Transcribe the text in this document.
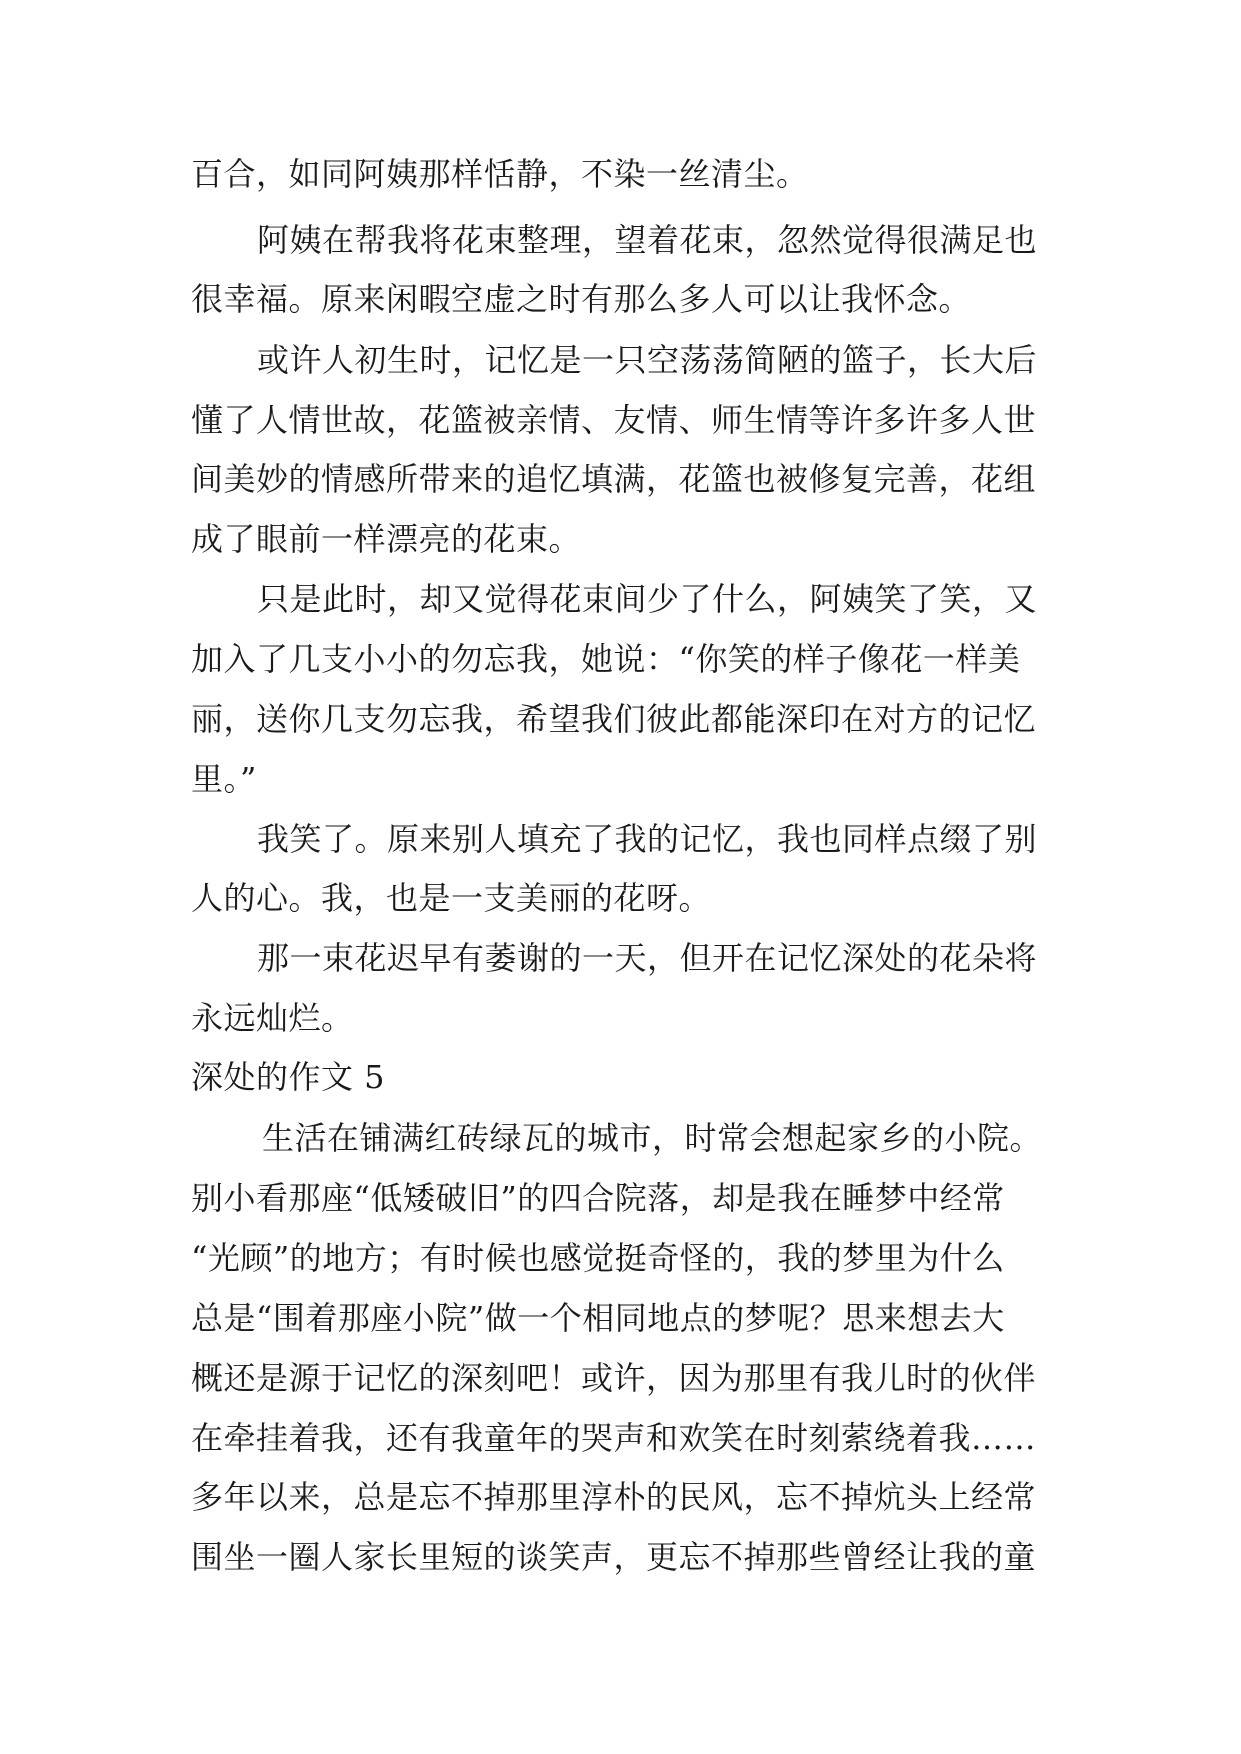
百合，如同阿姨那样恬静，不染一丝清尘。
阿姨在帮我将花束整理，望着花束，忽然觉得很满足也
很幸福。原来闲暇空虚之时有那么多人可以让我怀念。
或许人初生时，记忆是一只空荡荡简陋的篮子，长大后
懂了人情世故，花篮被亲情、友情、师生情等许多许多人世
间美妙的情感所带来的追忆填满，花篮也被修复完善，花组
成了眼前一样漂亮的花束。
只是此时，却又觉得花束间少了什么，阿姨笑了笑，又
加入了几支小小的勿忘我，她说：“你笑的样子像花一样美
丽，送你几支勿忘我，希望我们彼此都能深印在对方的记忆
里。”
我笑了。原来别人填充了我的记忆，我也同样点缀了别
人的心。我，也是一支美丽的花呀。
那一束花迟早有萎谢的一天，但开在记忆深处的花朵将
永远灿烂。
深处的作文 5
生活在铺满红砖绿瓦的城市，时常会想起家乡的小院。
别小看那座“低矮破旧”的四合院落，却是我在睡梦中经常
“光顾”的地方；有时候也感觉挺奇怪的，我的梦里为什么
总是“围着那座小院”做一个相同地点的梦呢？思来想去大
概还是源于记忆的深刻吧！或许，因为那里有我儿时的伙伴
在牵挂着我，还有我童年的哭声和欢笑在时刻萦绕着我……
多年以来，总是忘不掉那里淳朴的民风，忘不掉炕头上经常
围坐一圈人家长里短的谈笑声，更忘不掉那些曾经让我的童
